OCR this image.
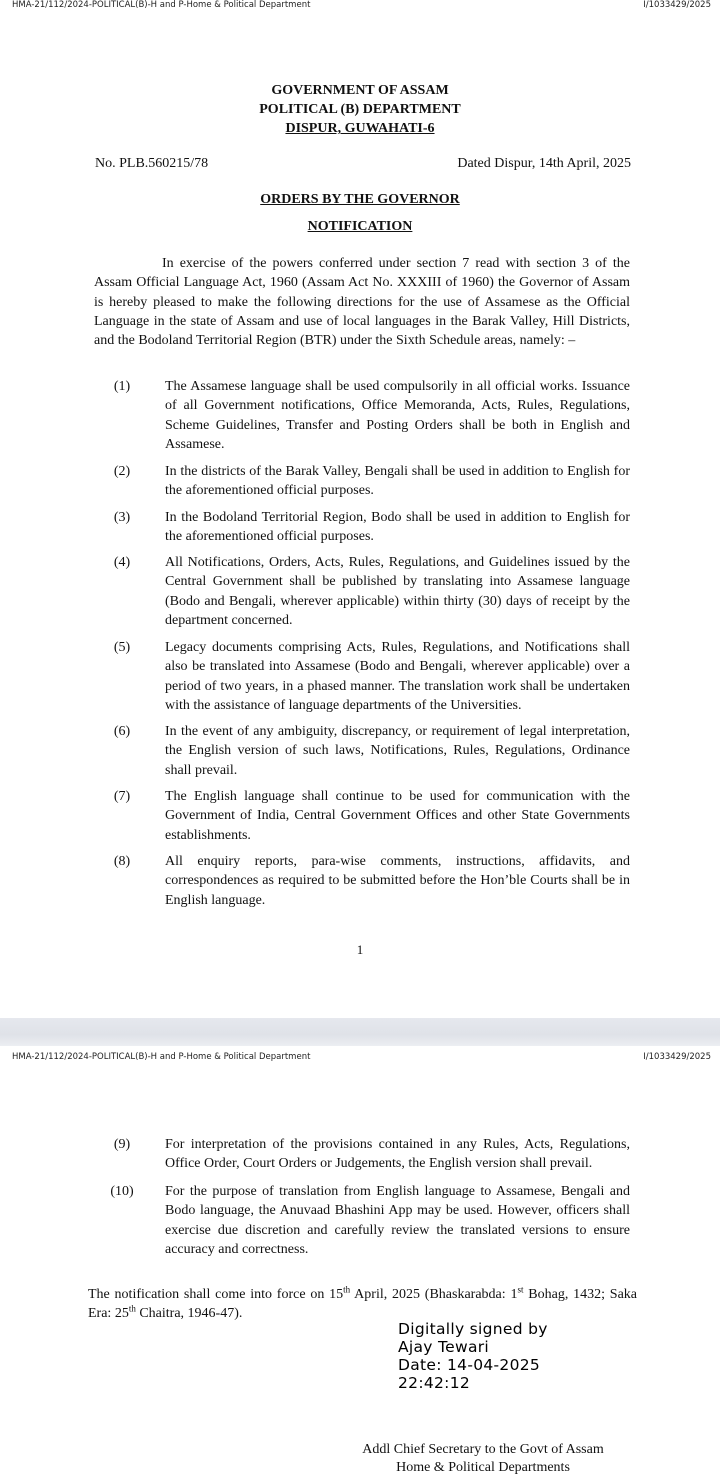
HMA-21/112/2024-POLITICAL(B)-H and P-Home & Political Department	I/1033429/2025
GOVERNMENT OF ASSAM
POLITICAL (B) DEPARTMENT
DISPUR, GUWAHATI-6
No. PLB.560215/78	Dated Dispur, 14th April, 2025
ORDERS BY THE GOVERNOR
NOTIFICATION

In exercise of the powers conferred under section 7 read with section 3 of the Assam Official Language Act, 1960 (Assam Act No. XXXIII of 1960) the Governor of Assam is hereby pleased to make the following directions for the use of Assamese as the Official Language in the state of Assam and use of local languages in the Barak Valley, Hill Districts, and the Bodoland Territorial Region (BTR) under the Sixth Schedule areas, namely: –

(1)	The Assamese language shall be used compulsorily in all official works. Issuance of all Government notifications, Office Memoranda, Acts, Rules, Regulations, Scheme Guidelines, Transfer and Posting Orders shall be both in English and Assamese.
(2)	In the districts of the Barak Valley, Bengali shall be used in addition to English for the aforementioned official purposes.
(3)	In the Bodoland Territorial Region, Bodo shall be used in addition to English for the aforementioned official purposes.
(4)	All Notifications, Orders, Acts, Rules, Regulations, and Guidelines issued by the Central Government shall be published by translating into Assamese language (Bodo and Bengali, wherever applicable) within thirty (30) days of receipt by the department concerned.
(5)	Legacy documents comprising Acts, Rules, Regulations, and Notifications shall also be translated into Assamese (Bodo and Bengali, wherever applicable) over a period of two years, in a phased manner. The translation work shall be undertaken with the assistance of language departments of the Universities.
(6)	In the event of any ambiguity, discrepancy, or requirement of legal interpretation, the English version of such laws, Notifications, Rules, Regulations, Ordinance shall prevail.
(7)	The English language shall continue to be used for communication with the Government of India, Central Government Offices and other State Governments establishments.
(8)	All enquiry reports, para-wise comments, instructions, affidavits, and correspondences as required to be submitted before the Hon’ble Courts shall be in English language.
1
HMA-21/112/2024-POLITICAL(B)-H and P-Home & Political Department	I/1033429/2025
(9)	For interpretation of the provisions contained in any Rules, Acts, Regulations, Office Order, Court Orders or Judgements, the English version shall prevail.
(10)	For the purpose of translation from English language to Assamese, Bengali and Bodo language, the Anuvaad Bhashini App may be used. However, officers shall exercise due discretion and carefully review the translated versions to ensure accuracy and correctness.

The notification shall come into force on 15th April, 2025 (Bhaskarabda: 1st Bohag, 1432; Saka Era: 25th Chaitra, 1946-47).

Digitally signed by
Ajay Tewari
Date: 14-04-2025
22:42:12
Addl Chief Secretary to the Govt of Assam
Home & Political Departments
